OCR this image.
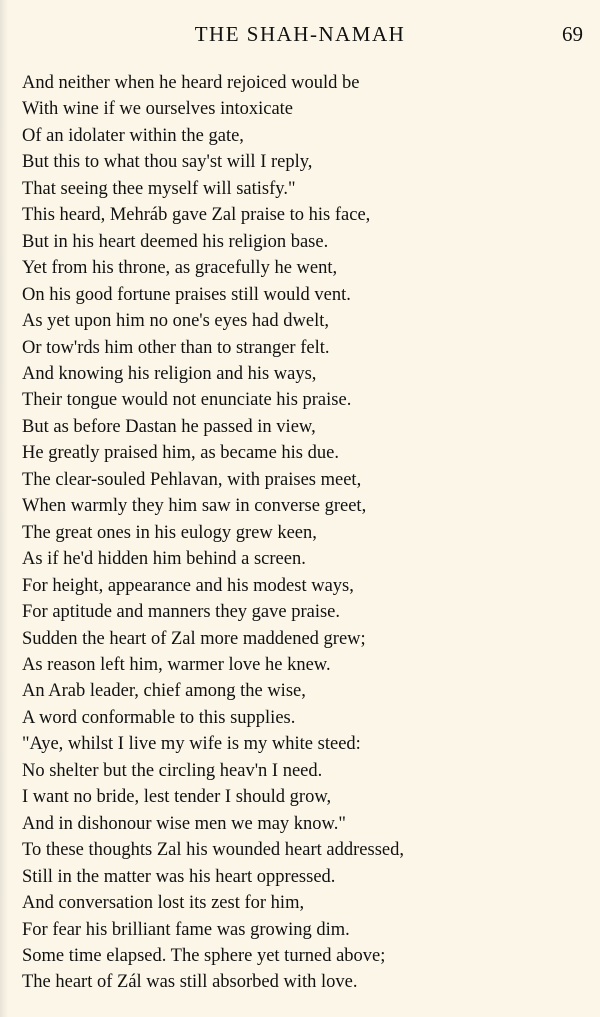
THE SHAH-NAMAH	69
And neither when he heard rejoiced would be
With wine if we ourselves intoxicate
Of an idolater within the gate,
But this to what thou say'st will I reply,
That seeing thee myself will satisfy."
This heard, Mehráb gave Zal praise to his face,
But in his heart deemed his religion base.
Yet from his throne, as gracefully he went,
On his good fortune praises still would vent.
As yet upon him no one's eyes had dwelt,
Or tow'rds him other than to stranger felt.
And knowing his religion and his ways,
Their tongue would not enunciate his praise.
But as before Dastan he passed in view,
He greatly praised him, as became his due.
The clear-souled Pehlavan, with praises meet,
When warmly they him saw in converse greet,
The great ones in his eulogy grew keen,
As if he'd hidden him behind a screen.
For height, appearance and his modest ways,
For aptitude and manners they gave praise.
Sudden the heart of Zal more maddened grew;
As reason left him, warmer love he knew.
An Arab leader, chief among the wise,
A word conformable to this supplies.
"Aye, whilst I live my wife is my white steed:
No shelter but the circling heav'n I need.
I want no bride, lest tender I should grow,
And in dishonour wise men we may know."
To these thoughts Zal his wounded heart addressed,
Still in the matter was his heart oppressed.
And conversation lost its zest for him,
For fear his brilliant fame was growing dim.
Some time elapsed. The sphere yet turned above;
The heart of Zál was still absorbed with love.
